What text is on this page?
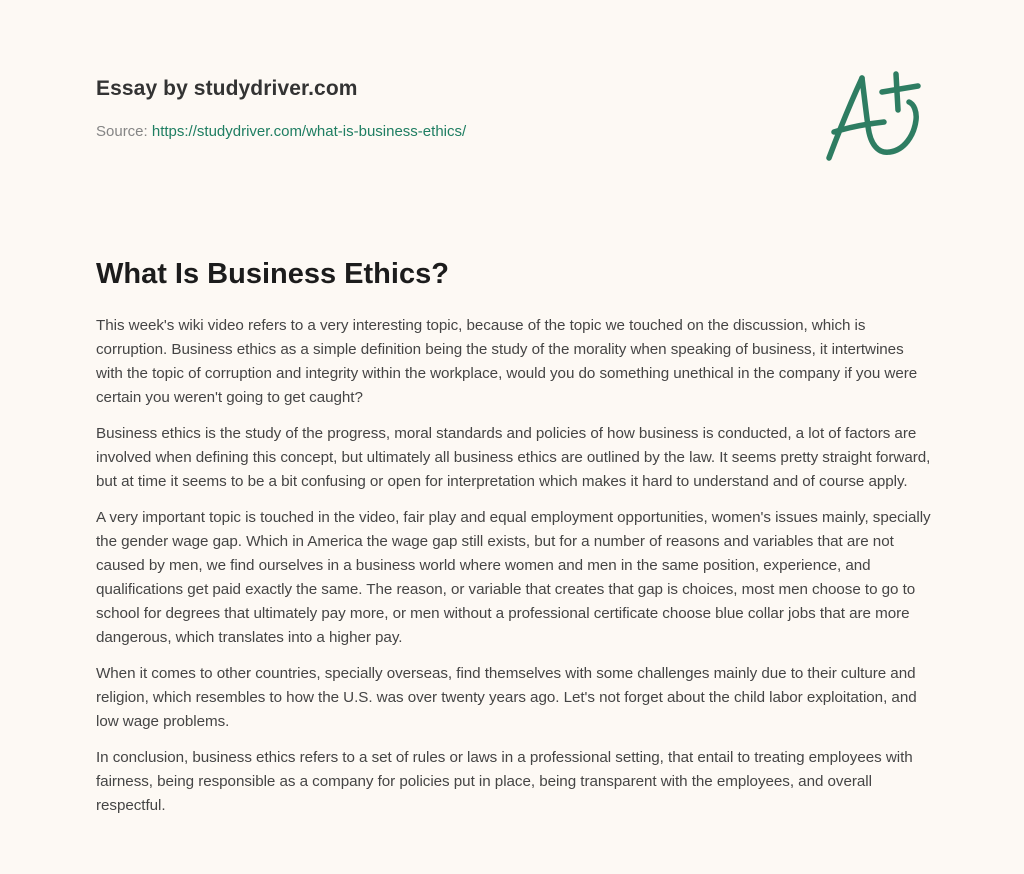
Essay by studydriver.com
Source: https://studydriver.com/what-is-business-ethics/
What Is Business Ethics?

This week's wiki video refers to a very interesting topic, because of the topic we touched on the discussion, which is corruption. Business ethics as a simple definition being the study of the morality when speaking of business, it intertwines with the topic of corruption and integrity within the workplace, would you do something unethical in the company if you were certain you weren't going to get caught?

Business ethics is the study of the progress, moral standards and policies of how business is conducted, a lot of factors are involved when defining this concept, but ultimately all business ethics are outlined by the law. It seems pretty straight forward, but at time it seems to be a bit confusing or open for interpretation which makes it hard to understand and of course apply.

A very important topic is touched in the video, fair play and equal employment opportunities, women's issues mainly, specially the gender wage gap. Which in America the wage gap still exists, but for a number of reasons and variables that are not caused by men, we find ourselves in a business world where women and men in the same position, experience, and qualifications get paid exactly the same. The reason, or variable that creates that gap is choices, most men choose to go to school for degrees that ultimately pay more, or men without a professional certificate choose blue collar jobs that are more dangerous, which translates into a higher pay.

When it comes to other countries, specially overseas, find themselves with some challenges mainly due to their culture and religion, which resembles to how the U.S. was over twenty years ago. Let's not forget about the child labor exploitation, and low wage problems.

In conclusion, business ethics refers to a set of rules or laws in a professional setting, that entail to treating employees with fairness, being responsible as a company for policies put in place, being transparent with the employees, and overall respectful.
